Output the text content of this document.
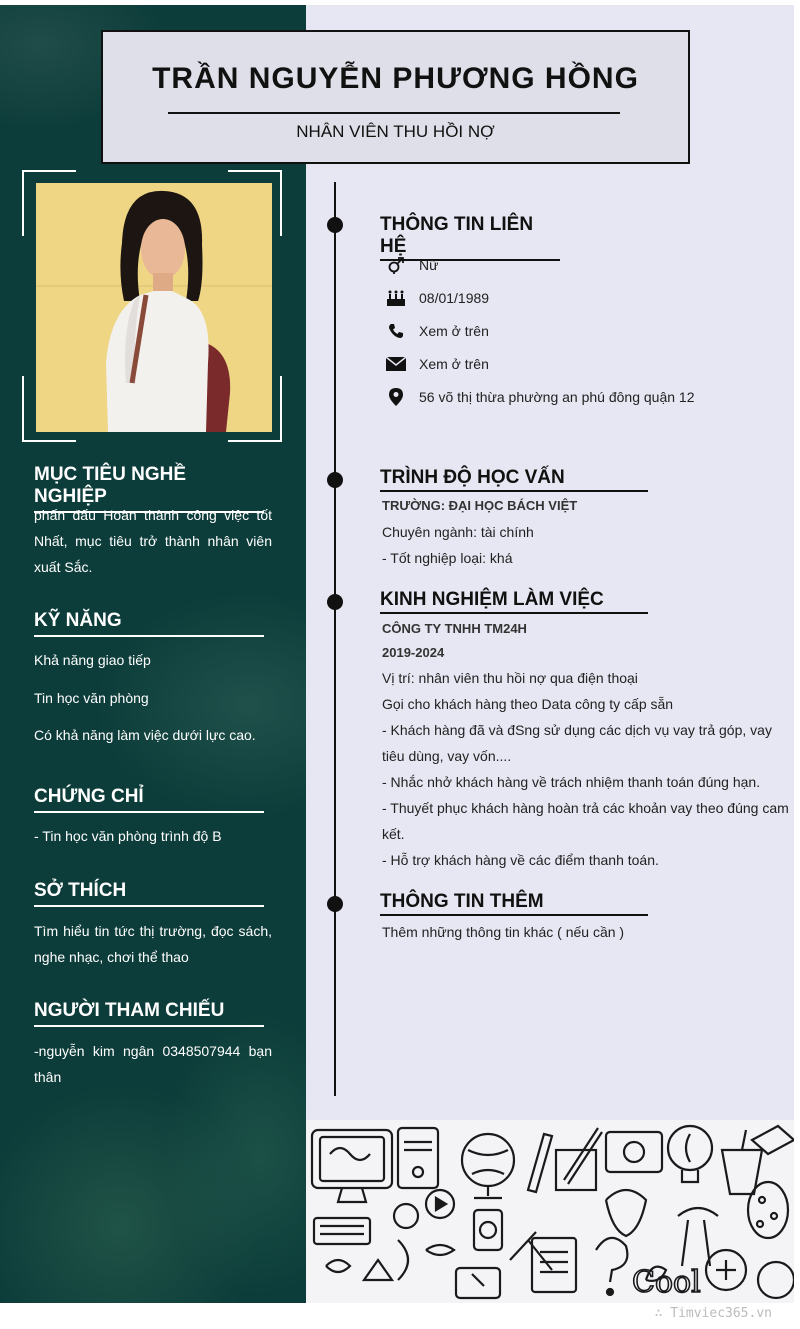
TRẦN NGUYỄN PHƯƠNG HỒNG
NHÂN VIÊN THU HỒI NỢ
MỤC TIÊU NGHỀ NGHIỆP
phấn đấu Hoàn thành công việc tốt Nhất, mục tiêu trở thành nhân viên xuất Sắc.
KỸ NĂNG
Khả năng giao tiếp
Tin học văn phòng
Có khả năng làm việc dưới lực cao.
CHỨNG CHỈ
- Tin học văn phòng trình độ B
SỞ THÍCH
Tìm hiểu tin tức thị trường, đọc sách, nghe nhạc, chơi thể thao
NGƯỜI THAM CHIẾU
-nguyễn kim ngân 0348507944 bạn thân
THÔNG TIN LIÊN HỆ
Nữ
08/01/1989
Xem ở trên
Xem ở trên
56 võ thị thừa phường an phú đông quận 12
TRÌNH ĐỘ HỌC VẤN
TRƯỜNG: ĐẠI HỌC BÁCH VIỆT
Chuyên ngành: tài chính
- Tốt nghiệp loại: khá
KINH NGHIỆM LÀM VIỆC
CÔNG TY TNHH TM24H
2019-2024
Vị trí: nhân viên thu hồi nợ qua điện thoại
Gọi cho khách hàng theo Data công ty cấp sẵn
- Khách hàng đã và đSng sử dụng các dịch vụ vay trả góp, vay tiêu dùng, vay vốn....
- Nhắc nhở khách hàng về trách nhiệm thanh toán đúng hạn.
- Thuyết phục khách hàng hoàn trả các khoản vay theo đúng cam kết.
- Hỗ trợ khách hàng về các điểm thanh toán.
THÔNG TIN THÊM
Thêm những thông tin khác ( nếu cần )
Cool
∴ Timviec365.vn
